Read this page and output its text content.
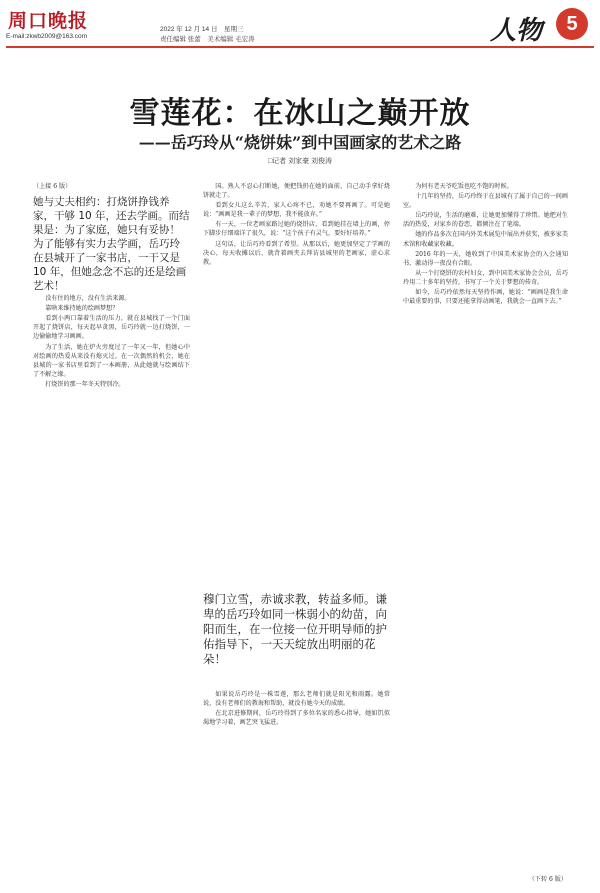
周口晚报
E-mail:zkwb2009@163.com
2022 年 12 月 14 日　星期三
责任编辑 张蕾　美术编辑 毛宏涛	人物	5
雪莲花：在冰山之巅开放
——岳巧玲从“烧饼妹”到中国画家的艺术之路
□记者 刘家豪 刘俊涛

（上接 6 版）

她与丈夫相约：打烧饼挣钱养家，干够 10 年，还去学画。而结果是：为了家庭，她只有妥协！为了能够有实力去学画，岳巧玲在县城开了一家书店，一干又是 10 年，但她念念不忘的还是绘画艺术！

没有住的地方，没有生活来源。

靠啥来维持她的绘画梦想？

看到小两口靠着生活的压力，就在县城找了一个门面开起了烧饼店，每天起早贪黑，岳巧玲就一边打烧饼，一边偷偷地学习画画。

为了生活，她在炉火旁度过了一年又一年，但她心中对绘画的热爱从来没有熄灭过。在一次偶然的机会，她在县城的一家书店里看到了一本画册，从此她就与绘画结下了不解之缘。

打烧饼的那一年冬天特别冷。

国。熟人不忍心打断她，便把钱扔在她的面前，自己动手拿好烧饼就走了。

看到女儿这么辛苦，家人心疼不已，劝她不要再画了。可是她说：“画画是我一辈子的梦想，我不能放弃。”

有一天，一位老画家路过她的烧饼店，看到她挂在墙上的画，停下脚步仔细端详了很久，说：“这个孩子有灵气，要好好培养。”

这句话，让岳巧玲看到了希望。从那以后，她更加坚定了学画的决心，每天收摊以后，就背着画夹去拜访县城里的老画家，虚心求教。

如果说岳巧玲是一株雪莲，那么老师们就是阳光和雨露。她常说，没有老师们的教诲和帮助，就没有她今天的成绩。

在北京进修期间，岳巧玲得到了多位名家的悉心指导，她如饥似渴地学习着，画艺突飞猛进。

穆门立雪，赤诚求教，转益多师。谦卑的岳巧玲如同一株弱小的幼苗，向阳而生，在一位接一位开明导师的护佑指导下，一天天绽放出明丽的花朵！

为何有老天爷吃饭也吃不饱的时候。

十几年的坚持，岳巧玲终于在县城有了属于自己的一间画室。

岳巧玲说，生活的磨难，让她更加懂得了珍惜。她把对生活的热爱，对家乡的眷恋，都倾注在了笔端。

她的作品多次在国内外美术展览中展出并获奖，被多家美术馆和收藏家收藏。

2016 年的一天，她收到了中国美术家协会的入会通知书，激动得一夜没有合眼。

从一个打烧饼的农村妇女，到中国美术家协会会员，岳巧玲用二十多年的坚持，书写了一个关于梦想的传奇。

如今，岳巧玲依然每天坚持作画，她说：“画画是我生命中最重要的事，只要还能拿得动画笔，我就会一直画下去。”

（下转 6 版）
